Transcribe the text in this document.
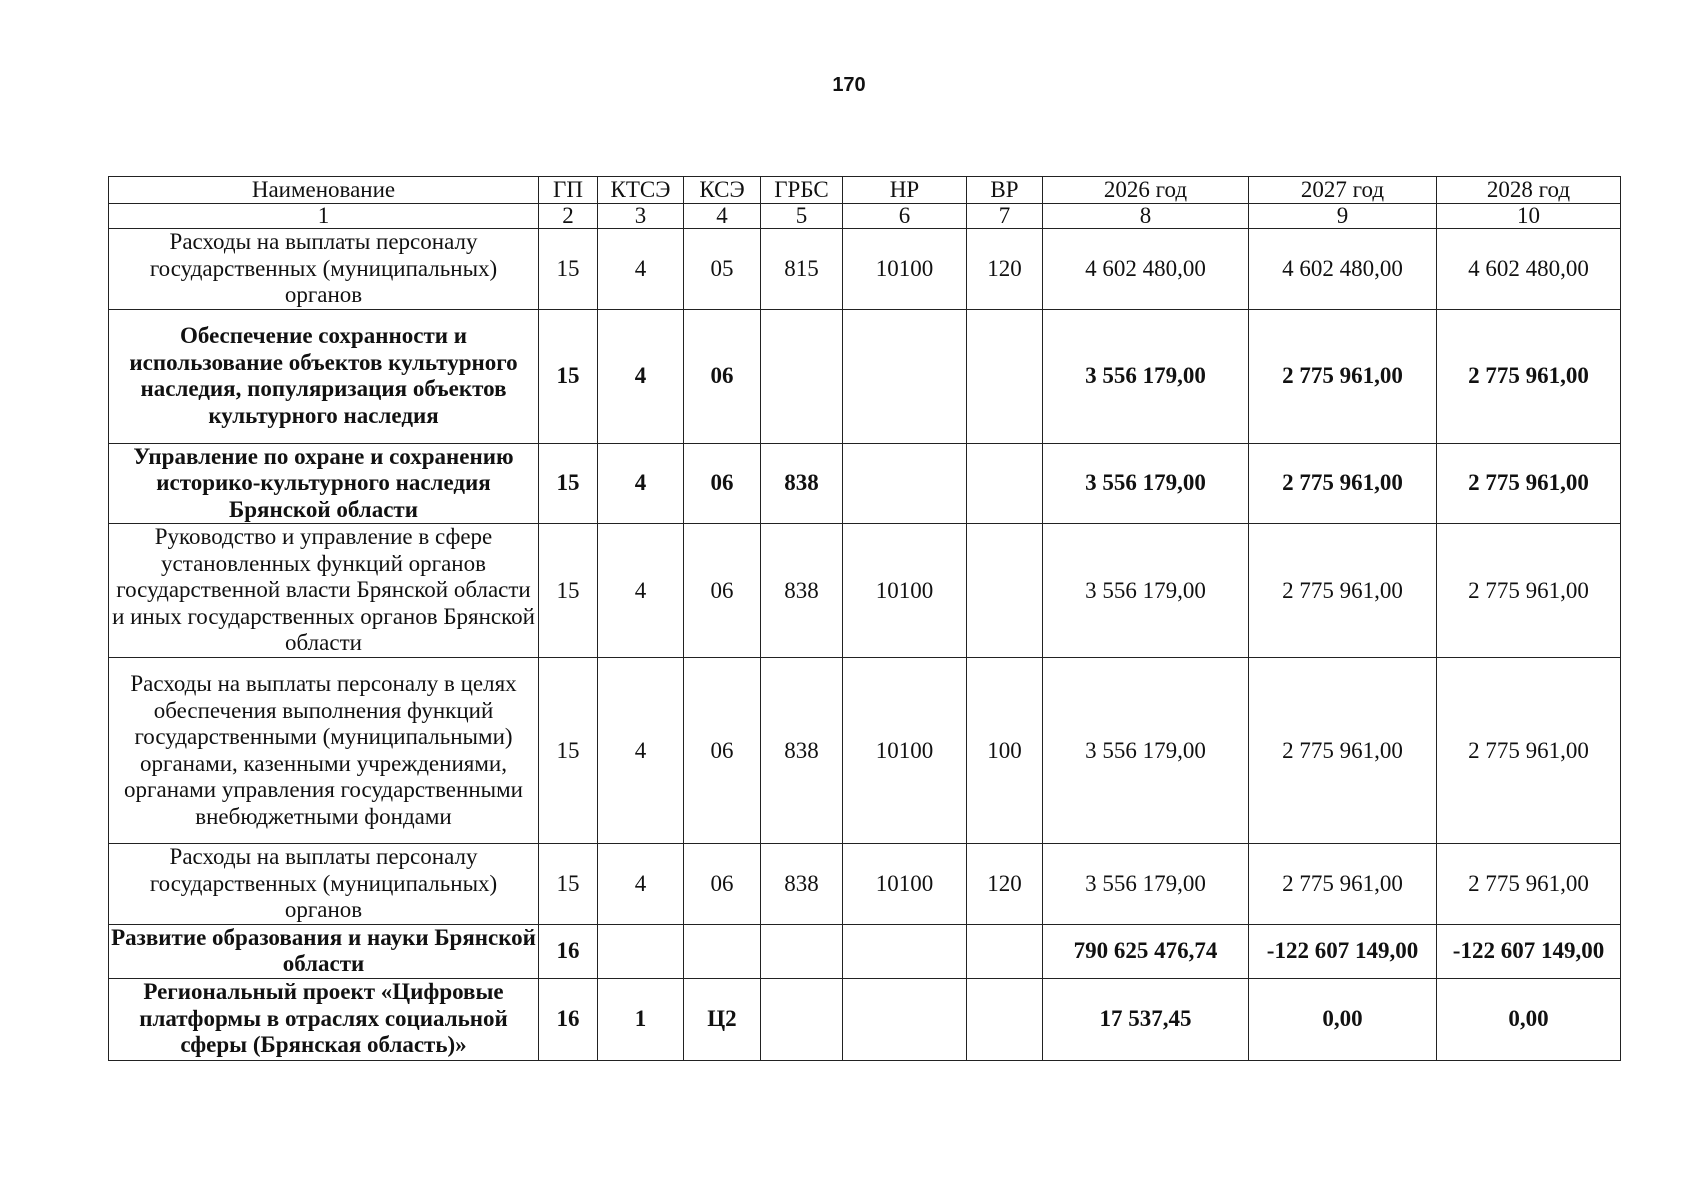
170
Наименование	ГП	КТСЭ	КСЭ	ГРБС	НР	ВР	2026 год	2027 год	2028 год
1	2	3	4	5	6	7	8	9	10
Расходы на выплаты персоналу государственных (муниципальных) органов	15	4	05	815	10100	120	4 602 480,00	4 602 480,00	4 602 480,00
Обеспечение сохранности и использование объектов культурного наследия, популяризация объектов культурного наследия	15	4	06				3 556 179,00	2 775 961,00	2 775 961,00
Управление по охране и сохранению историко-культурного наследия Брянской области	15	4	06	838			3 556 179,00	2 775 961,00	2 775 961,00
Руководство и управление в сфере установленных функций органов государственной власти Брянской области и иных государственных органов Брянской области	15	4	06	838	10100		3 556 179,00	2 775 961,00	2 775 961,00
Расходы на выплаты персоналу в целях обеспечения выполнения функций государственными (муниципальными) органами, казенными учреждениями, органами управления государственными внебюджетными фондами	15	4	06	838	10100	100	3 556 179,00	2 775 961,00	2 775 961,00
Расходы на выплаты персоналу государственных (муниципальных) органов	15	4	06	838	10100	120	3 556 179,00	2 775 961,00	2 775 961,00
Развитие образования и науки Брянской области	16						790 625 476,74	-122 607 149,00	-122 607 149,00
Региональный проект «Цифровые платформы в отраслях социальной сферы (Брянская область)»	16	1	Ц2				17 537,45	0,00	0,00
